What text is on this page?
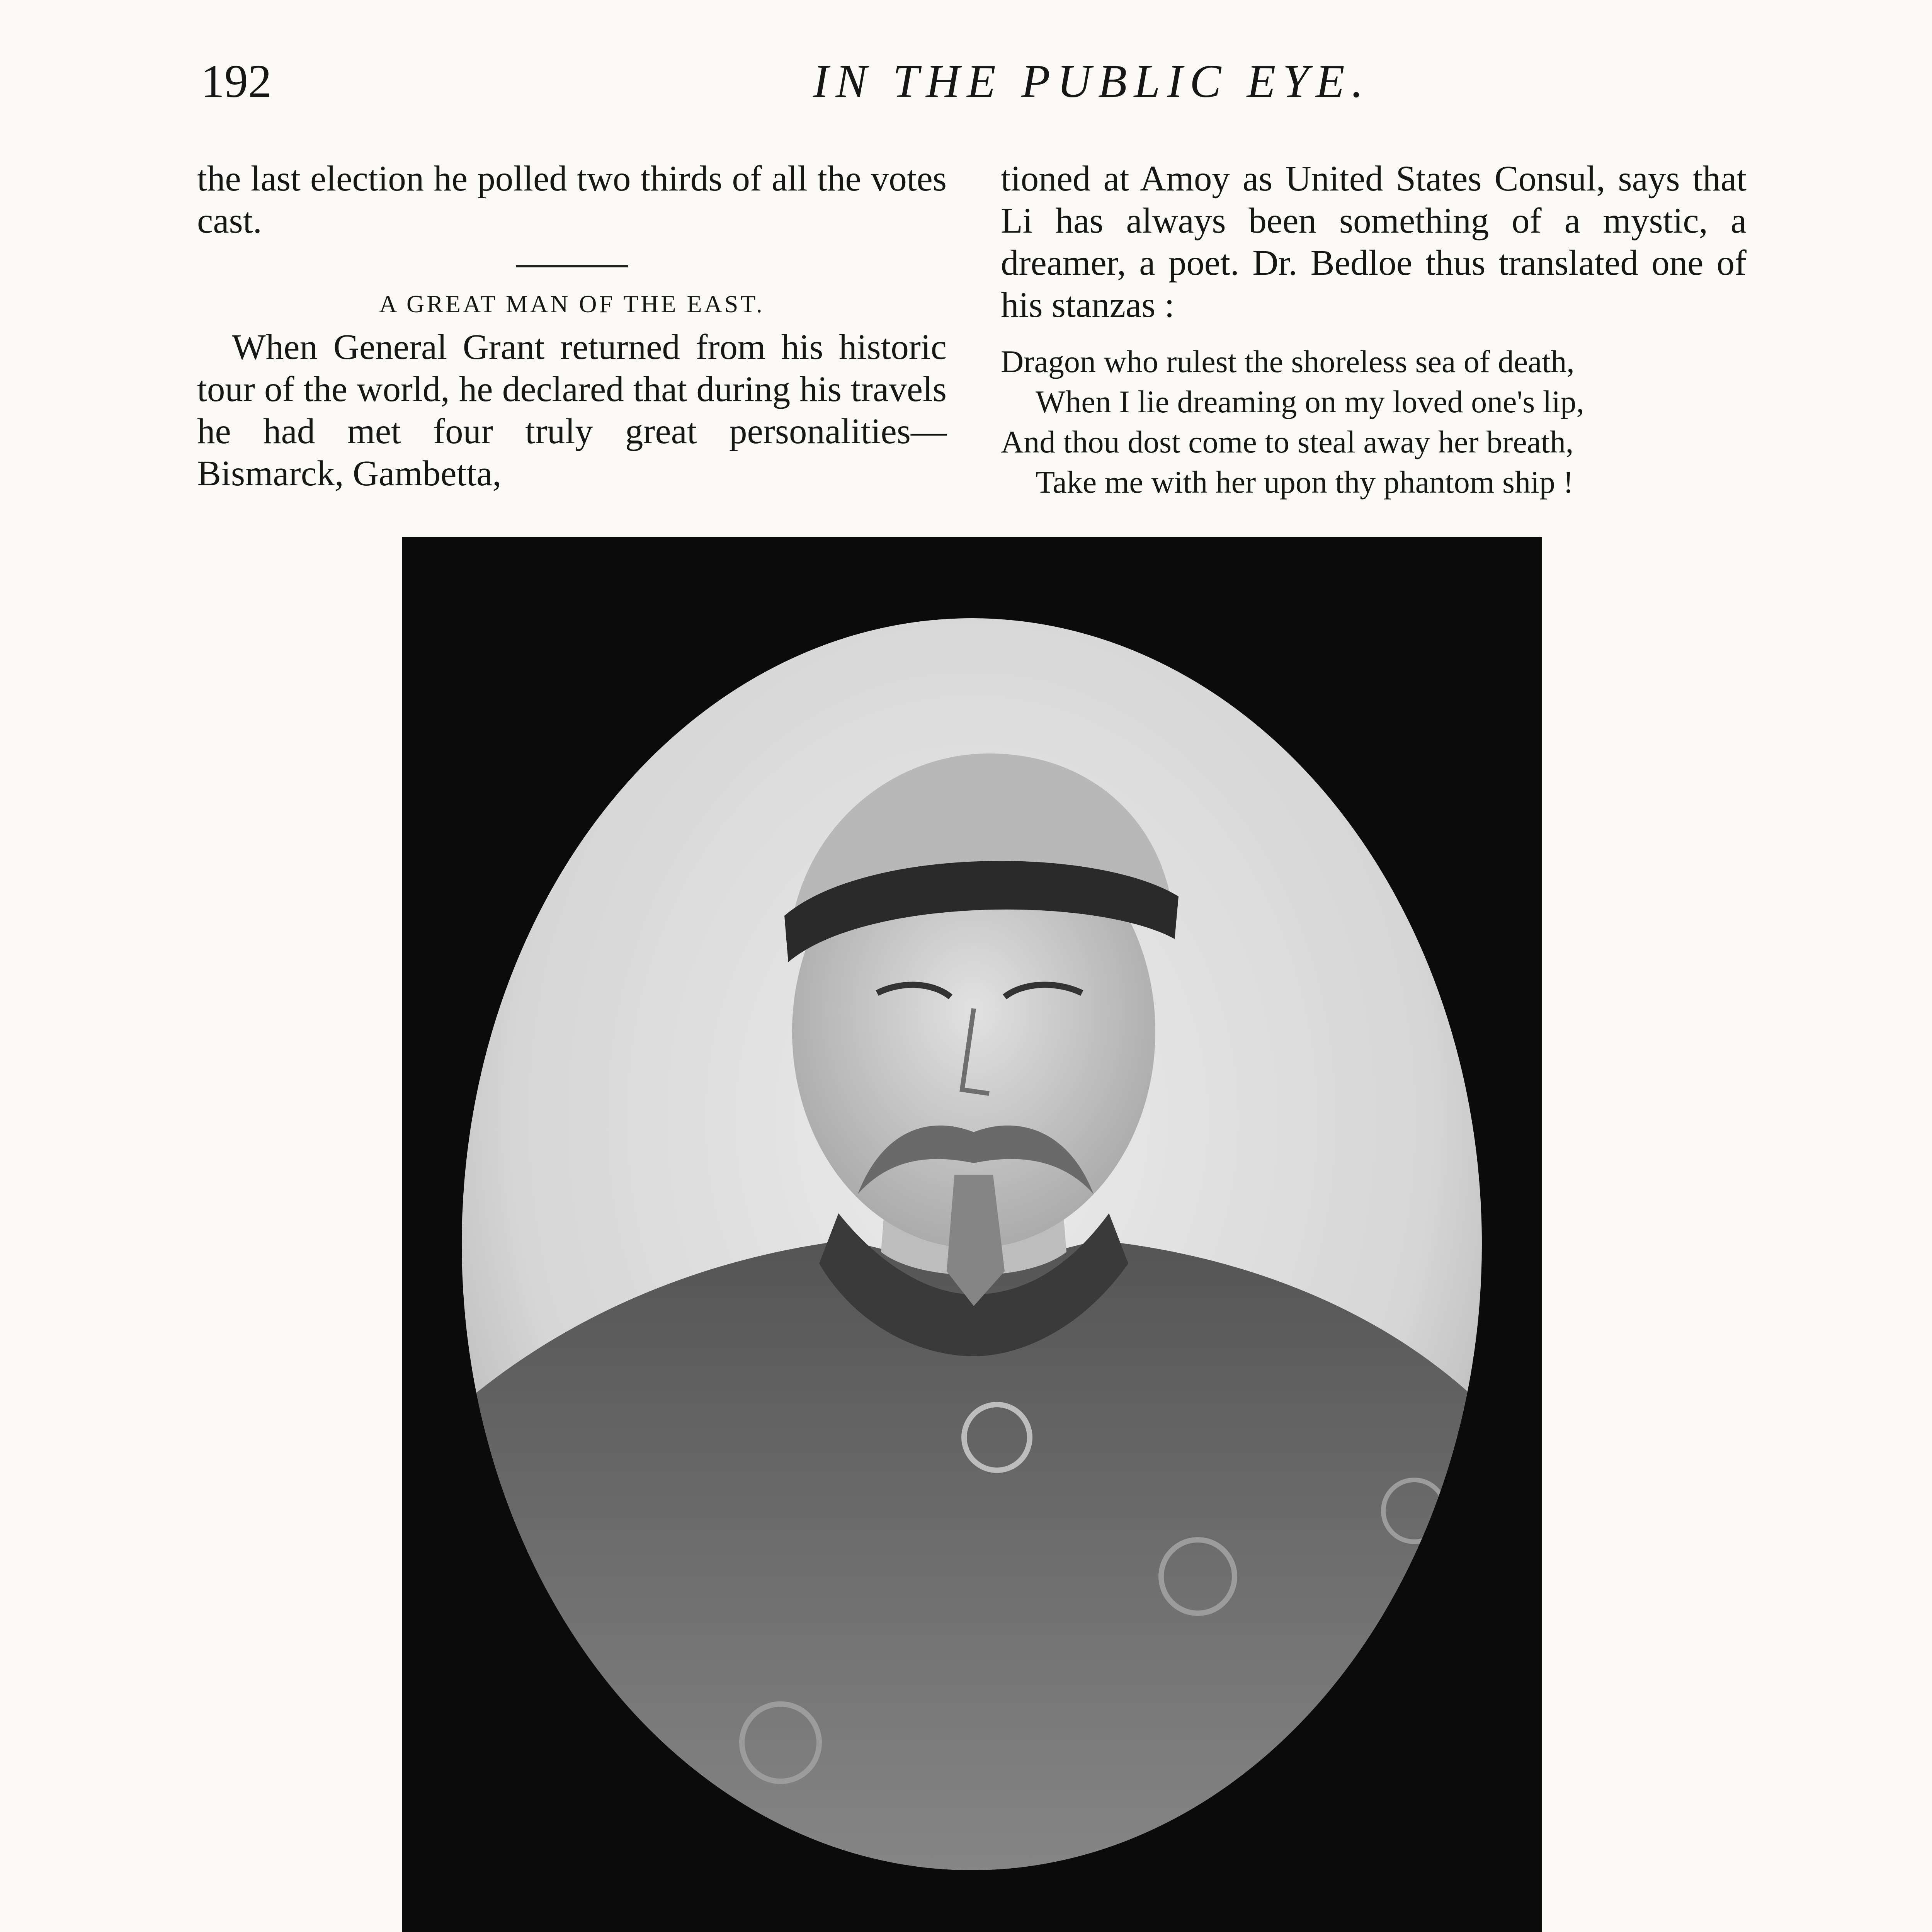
192	IN THE PUBLIC EYE.

the last election he polled two thirds of all the votes cast.

A GREAT MAN OF THE EAST.

When General Grant returned from his historic tour of the world, he declared that during his travels he had met four truly great personalities—Bismarck, Gambetta,

tioned at Amoy as United States Consul, says that Li has always been something of a mystic, a dreamer, a poet. Dr. Bedloe thus translated one of his stanzas :

Dragon who rulest the shoreless sea of death,
When I lie dreaming on my loved one's lip,
And thou dost come to steal away her breath,
Take me with her upon thy phantom ship !
